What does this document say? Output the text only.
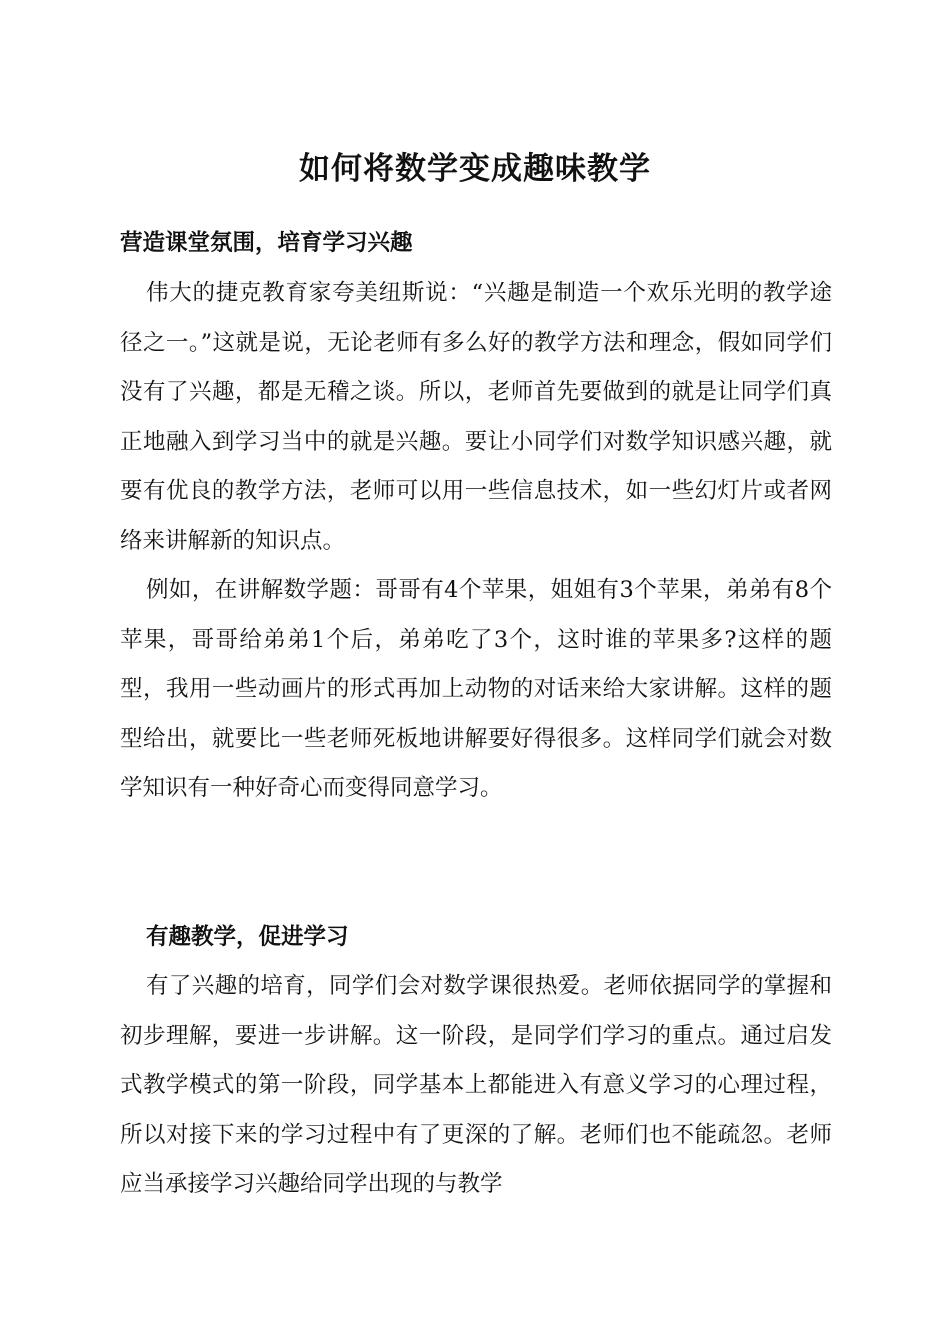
如何将数学变成趣味教学
营造课堂氛围，培育学习兴趣

伟大的捷克教育家夸美纽斯说：“兴趣是制造一个欢乐光明的教学途径之一。”这就是说，无论老师有多么好的教学方法和理念，假如同学们没有了兴趣，都是无稽之谈。所以，老师首先要做到的就是让同学们真正地融入到学习当中的就是兴趣。要让小同学们对数学知识感兴趣，就要有优良的教学方法，老师可以用一些信息技术，如一些幻灯片或者网络来讲解新的知识点。

例如，在讲解数学题：哥哥有4个苹果，姐姐有3个苹果，弟弟有8个苹果，哥哥给弟弟1个后，弟弟吃了3个，这时谁的苹果多?这样的题型，我用一些动画片的形式再加上动物的对话来给大家讲解。这样的题型给出，就要比一些老师死板地讲解要好得很多。这样同学们就会对数学知识有一种好奇心而变得同意学习。

有趣教学，促进学习

有了兴趣的培育，同学们会对数学课很热爱。老师依据同学的掌握和初步理解，要进一步讲解。这一阶段，是同学们学习的重点。通过启发式教学模式的第一阶段，同学基本上都能进入有意义学习的心理过程，所以对接下来的学习过程中有了更深的了解。老师们也不能疏忽。老师应当承接学习兴趣给同学出现的与教学
